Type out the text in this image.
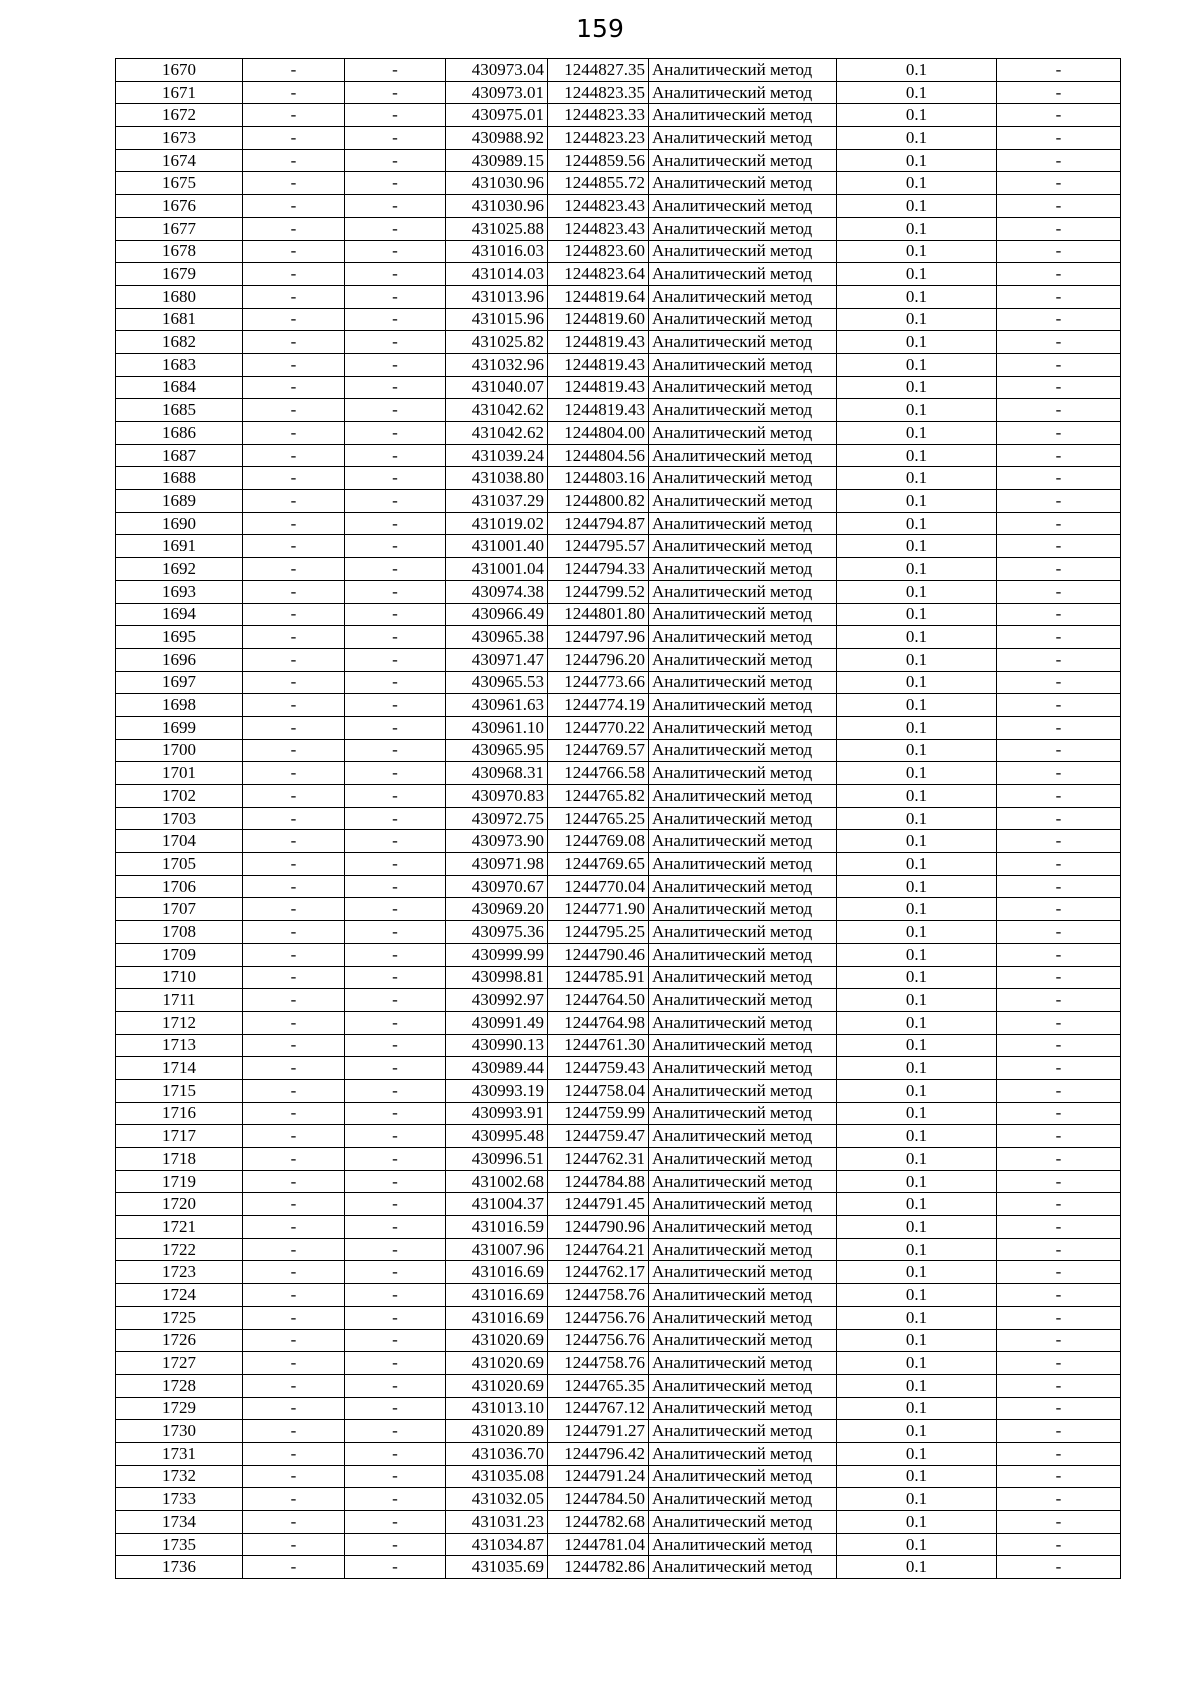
159
1670	-	-	430973.04	1244827.35	Аналитический метод	0.1	-
1671	-	-	430973.01	1244823.35	Аналитический метод	0.1	-
1672	-	-	430975.01	1244823.33	Аналитический метод	0.1	-
1673	-	-	430988.92	1244823.23	Аналитический метод	0.1	-
1674	-	-	430989.15	1244859.56	Аналитический метод	0.1	-
1675	-	-	431030.96	1244855.72	Аналитический метод	0.1	-
1676	-	-	431030.96	1244823.43	Аналитический метод	0.1	-
1677	-	-	431025.88	1244823.43	Аналитический метод	0.1	-
1678	-	-	431016.03	1244823.60	Аналитический метод	0.1	-
1679	-	-	431014.03	1244823.64	Аналитический метод	0.1	-
1680	-	-	431013.96	1244819.64	Аналитический метод	0.1	-
1681	-	-	431015.96	1244819.60	Аналитический метод	0.1	-
1682	-	-	431025.82	1244819.43	Аналитический метод	0.1	-
1683	-	-	431032.96	1244819.43	Аналитический метод	0.1	-
1684	-	-	431040.07	1244819.43	Аналитический метод	0.1	-
1685	-	-	431042.62	1244819.43	Аналитический метод	0.1	-
1686	-	-	431042.62	1244804.00	Аналитический метод	0.1	-
1687	-	-	431039.24	1244804.56	Аналитический метод	0.1	-
1688	-	-	431038.80	1244803.16	Аналитический метод	0.1	-
1689	-	-	431037.29	1244800.82	Аналитический метод	0.1	-
1690	-	-	431019.02	1244794.87	Аналитический метод	0.1	-
1691	-	-	431001.40	1244795.57	Аналитический метод	0.1	-
1692	-	-	431001.04	1244794.33	Аналитический метод	0.1	-
1693	-	-	430974.38	1244799.52	Аналитический метод	0.1	-
1694	-	-	430966.49	1244801.80	Аналитический метод	0.1	-
1695	-	-	430965.38	1244797.96	Аналитический метод	0.1	-
1696	-	-	430971.47	1244796.20	Аналитический метод	0.1	-
1697	-	-	430965.53	1244773.66	Аналитический метод	0.1	-
1698	-	-	430961.63	1244774.19	Аналитический метод	0.1	-
1699	-	-	430961.10	1244770.22	Аналитический метод	0.1	-
1700	-	-	430965.95	1244769.57	Аналитический метод	0.1	-
1701	-	-	430968.31	1244766.58	Аналитический метод	0.1	-
1702	-	-	430970.83	1244765.82	Аналитический метод	0.1	-
1703	-	-	430972.75	1244765.25	Аналитический метод	0.1	-
1704	-	-	430973.90	1244769.08	Аналитический метод	0.1	-
1705	-	-	430971.98	1244769.65	Аналитический метод	0.1	-
1706	-	-	430970.67	1244770.04	Аналитический метод	0.1	-
1707	-	-	430969.20	1244771.90	Аналитический метод	0.1	-
1708	-	-	430975.36	1244795.25	Аналитический метод	0.1	-
1709	-	-	430999.99	1244790.46	Аналитический метод	0.1	-
1710	-	-	430998.81	1244785.91	Аналитический метод	0.1	-
1711	-	-	430992.97	1244764.50	Аналитический метод	0.1	-
1712	-	-	430991.49	1244764.98	Аналитический метод	0.1	-
1713	-	-	430990.13	1244761.30	Аналитический метод	0.1	-
1714	-	-	430989.44	1244759.43	Аналитический метод	0.1	-
1715	-	-	430993.19	1244758.04	Аналитический метод	0.1	-
1716	-	-	430993.91	1244759.99	Аналитический метод	0.1	-
1717	-	-	430995.48	1244759.47	Аналитический метод	0.1	-
1718	-	-	430996.51	1244762.31	Аналитический метод	0.1	-
1719	-	-	431002.68	1244784.88	Аналитический метод	0.1	-
1720	-	-	431004.37	1244791.45	Аналитический метод	0.1	-
1721	-	-	431016.59	1244790.96	Аналитический метод	0.1	-
1722	-	-	431007.96	1244764.21	Аналитический метод	0.1	-
1723	-	-	431016.69	1244762.17	Аналитический метод	0.1	-
1724	-	-	431016.69	1244758.76	Аналитический метод	0.1	-
1725	-	-	431016.69	1244756.76	Аналитический метод	0.1	-
1726	-	-	431020.69	1244756.76	Аналитический метод	0.1	-
1727	-	-	431020.69	1244758.76	Аналитический метод	0.1	-
1728	-	-	431020.69	1244765.35	Аналитический метод	0.1	-
1729	-	-	431013.10	1244767.12	Аналитический метод	0.1	-
1730	-	-	431020.89	1244791.27	Аналитический метод	0.1	-
1731	-	-	431036.70	1244796.42	Аналитический метод	0.1	-
1732	-	-	431035.08	1244791.24	Аналитический метод	0.1	-
1733	-	-	431032.05	1244784.50	Аналитический метод	0.1	-
1734	-	-	431031.23	1244782.68	Аналитический метод	0.1	-
1735	-	-	431034.87	1244781.04	Аналитический метод	0.1	-
1736	-	-	431035.69	1244782.86	Аналитический метод	0.1	-
